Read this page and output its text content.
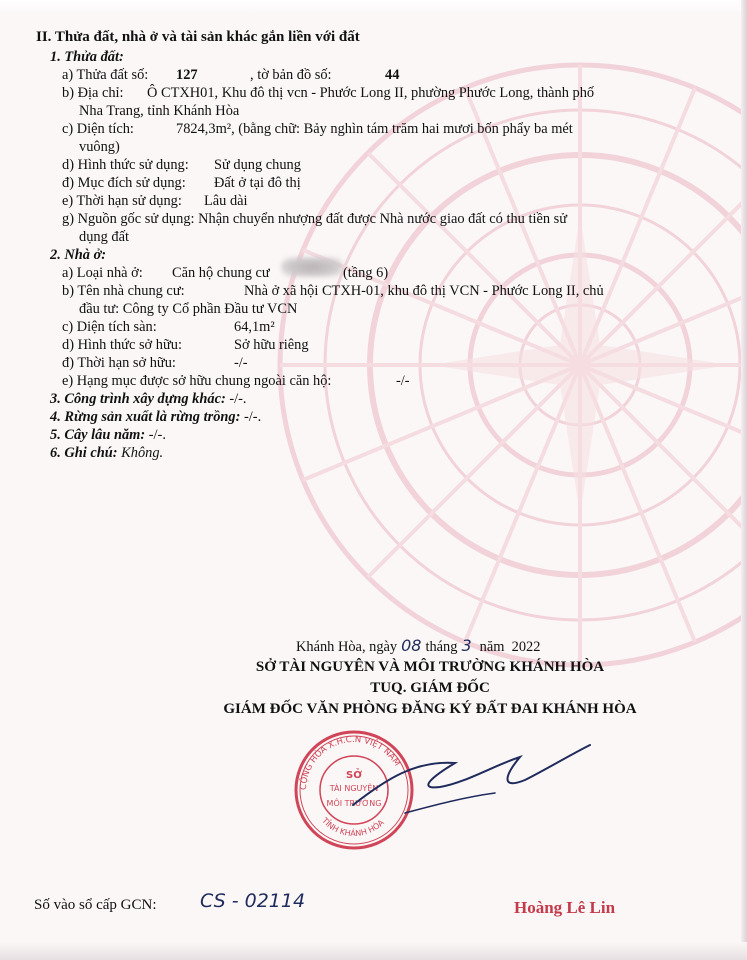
II. Thửa đất, nhà ở và tài sản khác gắn liền với đất
1. Thửa đất:
a) Thửa đất số: 127	, tờ bản đồ số:	44
b) Địa chỉ: Ô CTXH01, Khu đô thị vcn - Phước Long II, phường Phước Long, thành phố
Nha Trang, tỉnh Khánh Hòa
c) Diện tích:	7824,3m², (bằng chữ: Bảy nghìn tám trăm hai mươi bốn phẩy ba mét
vuông)
d) Hình thức sử dụng: Sử dụng chung
đ) Mục đích sử dụng: Đất ở tại đô thị
e) Thời hạn sử dụng: Lâu dài
g) Nguồn gốc sử dụng: Nhận chuyển nhượng đất được Nhà nước giao đất có thu tiền sử
dụng đất
2. Nhà ở:
a) Loại nhà ở: Căn hộ chung cư	(tầng 6)
b) Tên nhà chung cư:	Nhà ở xã hội CTXH-01, khu đô thị VCN - Phước Long II, chủ
đầu tư: Công ty Cổ phần Đầu tư VCN
c) Diện tích sàn:	64,1m²
d) Hình thức sở hữu:	Sở hữu riêng
đ) Thời hạn sở hữu:	-/-
e) Hạng mục được sở hữu chung ngoài căn hộ:	-/-
3. Công trình xây dựng khác: -/-.
4. Rừng sản xuất là rừng trồng: -/-.
5. Cây lâu năm: -/-.
6. Ghi chú: Không.
Khánh Hòa, ngày 08 tháng 3 năm 2022
SỞ TÀI NGUYÊN VÀ MÔI TRƯỜNG KHÁNH HÒA
TUQ. GIÁM ĐỐC
GIÁM ĐỐC VĂN PHÒNG ĐĂNG KÝ ĐẤT ĐAI KHÁNH HÒA
CỘNG HÒA X.H.C.N VIỆT NAM
TỈNH KHÁNH HÒA
SỞ
TÀI NGUYÊN
MÔI TRƯỜNG
Hoàng Lê Lin
Số vào sổ cấp GCN: CS - 02114
